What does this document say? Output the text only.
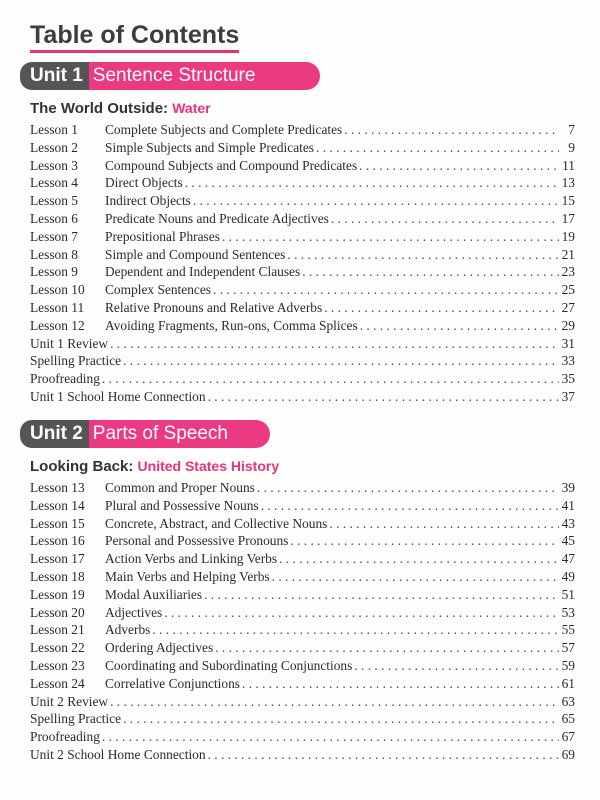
Table of Contents
Unit 1 Sentence Structure

The World Outside: Water

Lesson 1	Complete Subjects and Complete Predicates . . .	7
Lesson 2	Simple Subjects and Simple Predicates . . .	9
Lesson 3	Compound Subjects and Compound Predicates . . .	11
Lesson 4	Direct Objects . . .	13
Lesson 5	Indirect Objects . . .	15
Lesson 6	Predicate Nouns and Predicate Adjectives . . .	17
Lesson 7	Prepositional Phrases . . .	19
Lesson 8	Simple and Compound Sentences . . .	21
Lesson 9	Dependent and Independent Clauses . . .	23
Lesson 10	Complex Sentences . . .	25
Lesson 11	Relative Pronouns and Relative Adverbs . . .	27
Lesson 12	Avoiding Fragments, Run-ons, Comma Splices . . .	29
Unit 1 Review . . .	31
Spelling Practice . . .	33
Proofreading . . .	35
Unit 1 School Home Connection . . .	37
Unit 2 Parts of Speech

Looking Back: United States History

Lesson 13	Common and Proper Nouns . . .	39
Lesson 14	Plural and Possessive Nouns . . .	41
Lesson 15	Concrete, Abstract, and Collective Nouns . . .	43
Lesson 16	Personal and Possessive Pronouns . . .	45
Lesson 17	Action Verbs and Linking Verbs . . .	47
Lesson 18	Main Verbs and Helping Verbs . . .	49
Lesson 19	Modal Auxiliaries . . .	51
Lesson 20	Adjectives . . .	53
Lesson 21	Adverbs . . .	55
Lesson 22	Ordering Adjectives . . .	57
Lesson 23	Coordinating and Subordinating Conjunctions . . .	59
Lesson 24	Correlative Conjunctions . . .	61
Unit 2 Review . . .	63
Spelling Practice . . .	65
Proofreading . . .	67
Unit 2 School Home Connection . . .	69
